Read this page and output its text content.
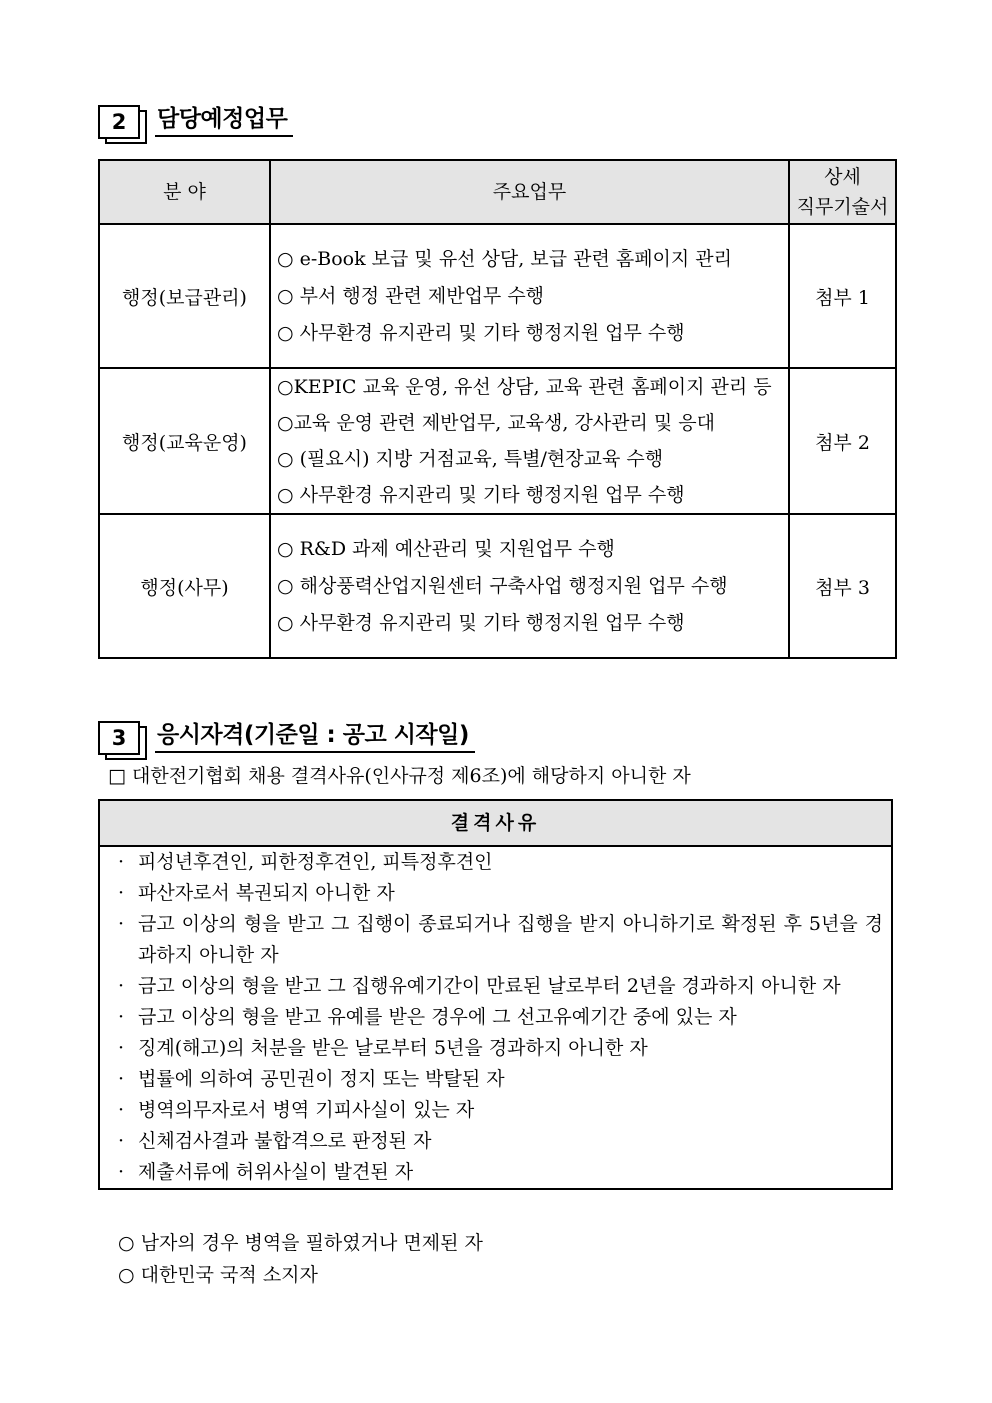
2	담당예정업무
분 야	주요업무	상세
직무기술서

행정(보급관리)	○ e-Book 보급 및 유선 상담, 보급 관련 홈페이지 관리
○ 부서 행정 관련 제반업무 수행
○ 사무환경 유지관리 및 기타 행정지원 업무 수행	첨부 1
행정(교육운영)	○KEPIC 교육 운영, 유선 상담, 교육 관련 홈페이지 관리 등
○교육 운영 관련 제반업무, 교육생, 강사관리 및 응대
○ (필요시) 지방 거점교육, 특별/현장교육 수행
○ 사무환경 유지관리 및 기타 행정지원 업무 수행	첨부 2
행정(사무)	○ R&D 과제 예산관리 및 지원업무 수행
○ 해상풍력산업지원센터 구축사업 행정지원 업무 수행
○ 사무환경 유지관리 및 기타 행정지원 업무 수행	첨부 3
3	응시자격(기준일 : 공고 시작일)
□ 대한전기협회 채용 결격사유(인사규정 제6조)에 해당하지 아니한 자
결격사유
· 피성년후견인, 피한정후견인, 피특정후견인
· 파산자로서 복권되지 아니한 자
· 금고 이상의 형을 받고 그 집행이 종료되거나 집행을 받지 아니하기로 확정된 후 5년을 경과하지 아니한 자
· 금고 이상의 형을 받고 그 집행유예기간이 만료된 날로부터 2년을 경과하지 아니한 자
· 금고 이상의 형을 받고 유예를 받은 경우에 그 선고유예기간 중에 있는 자
· 징계(해고)의 처분을 받은 날로부터 5년을 경과하지 아니한 자
· 법률에 의하여 공민권이 정지 또는 박탈된 자
· 병역의무자로서 병역 기피사실이 있는 자
· 신체검사결과 불합격으로 판정된 자
· 제출서류에 허위사실이 발견된 자
○ 남자의 경우 병역을 필하였거나 면제된 자
○ 대한민국 국적 소지자
